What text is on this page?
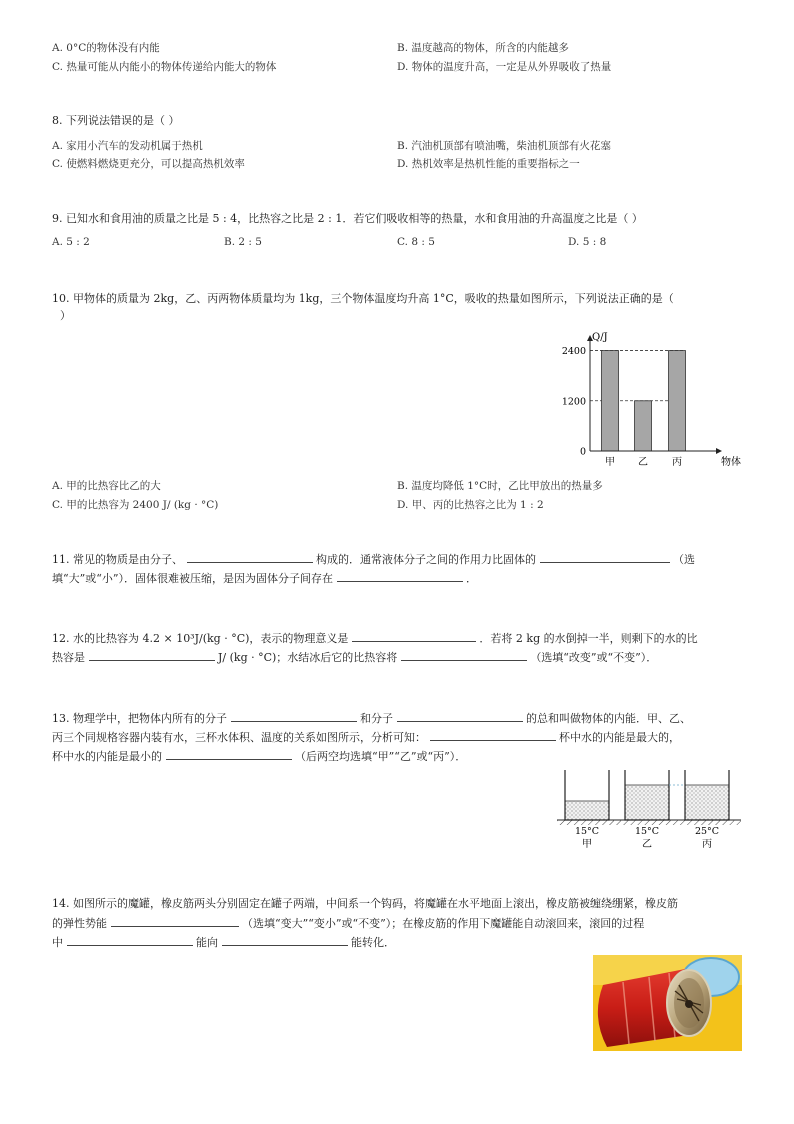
A. 0°C的物体没有内能	B. 温度越高的物体，所含的内能越多
C. 热量可能从内能小的物体传递给内能大的物体	D. 物体的温度升高，一定是从外界吸收了热量
8. 下列说法错误的是（ ）
A. 家用小汽车的发动机属于热机	B. 汽油机顶部有喷油嘴，柴油机顶部有火花塞
C. 使燃料燃烧更充分，可以提高热机效率	D. 热机效率是热机性能的重要指标之一
9. 已知水和食用油的质量之比是 5 : 4，比热容之比是 2 : 1．若它们吸收相等的热量，水和食用油的升高温度之比是（ ）
A. 5 : 2	B. 2 : 5	C. 8 : 5	D. 5 : 8
10. 甲物体的质量为 2kg，乙、丙两物体质量均为 1kg，三个物体温度均升高 1°C，吸收的热量如图所示，下列说法正确的是（
）
0
1200
2400
甲 乙 丙
Q/J
物体
A. 甲的比热容比乙的大	B. 温度均降低 1°C时，乙比甲放出的热量多
C. 甲的比热容为 2400 J/ (kg · °C)	D. 甲、丙的比热容之比为 1 : 2
11. 常见的物质是由分子、	构成的．通常液体分子之间的作用力比固体的	（选
填“大”或“小”）．固体很难被压缩，是因为固体分子间存在	．
12. 水的比热容为 4.2 × 10³J/(kg · °C)，表示的物理意义是	．若将 2 kg 的水倒掉一半，则剩下的水的比
热容是	J/ (kg · °C)；水结冰后它的比热容将	（选填“改变”或“不变”）．
13. 物理学中，把物体内所有的分子	和分子	的总和叫做物体的内能．甲、乙、
丙三个同规格容器内装有水，三杯水体积、温度的关系如图所示，分析可知：	杯中水的内能是最大的，
杯中水的内能是最小的	（后两空均选填“甲”“乙”或“丙”）．
15°C
甲
15°C
乙
25°C
丙
14. 如图所示的魔罐，橡皮筋两头分别固定在罐子两端，中间系一个钩码，将魔罐在水平地面上滚出，橡皮筋被缠绕绷紧，橡皮筋
的弹性势能	（选填“变大”“变小”或“不变”）；在橡皮筋的作用下魔罐能自动滚回来，滚回的过程
中	能向	能转化．
